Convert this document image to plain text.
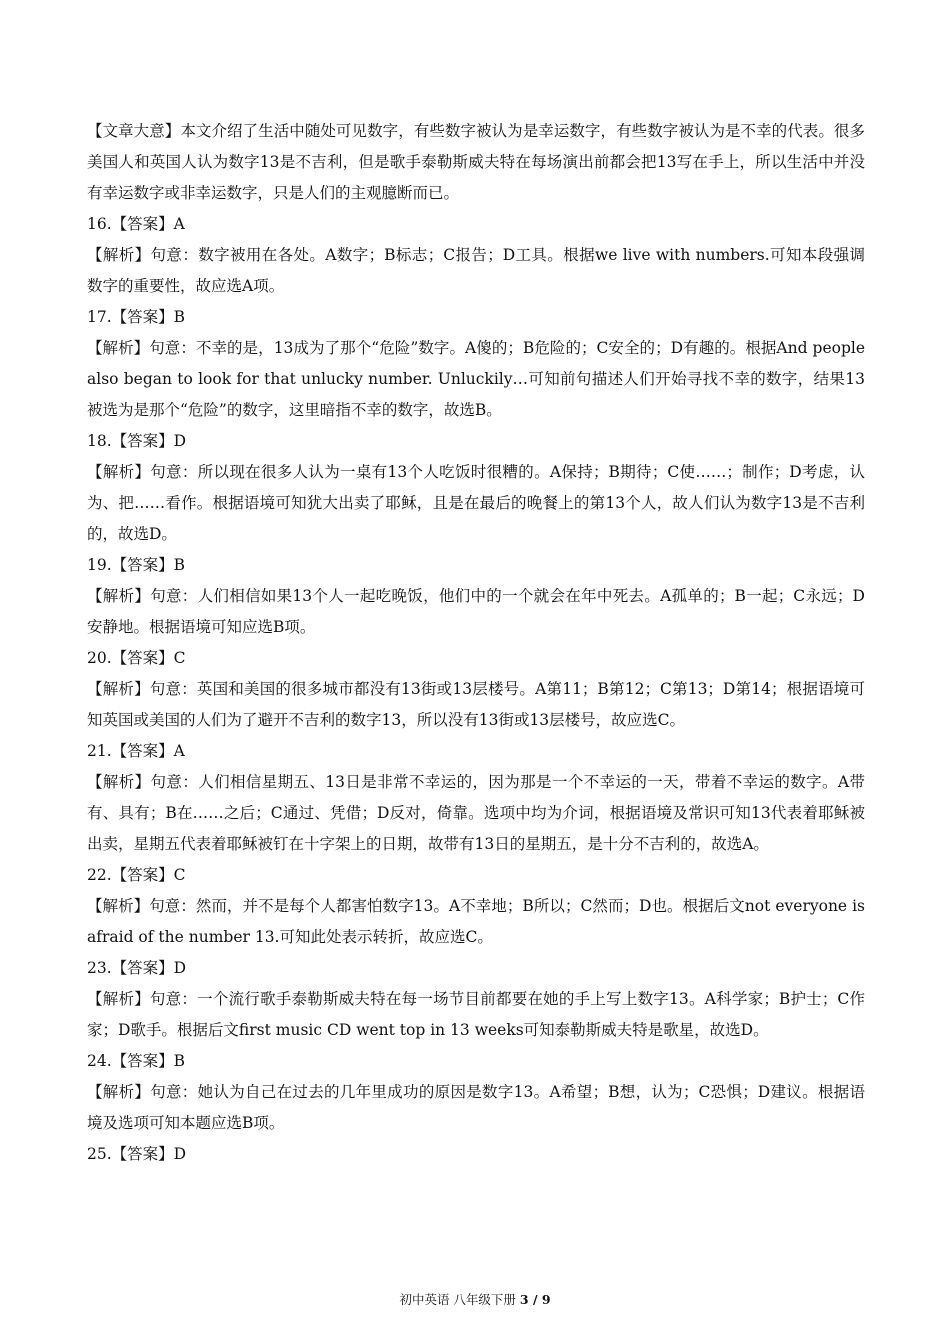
【文章大意】本文介绍了生活中随处可见数字，有些数字被认为是幸运数字，有些数字被认为是不幸的代表。很多美国人和英国人认为数字13是不吉利，但是歌手泰勒斯威夫特在每场演出前都会把13写在手上，所以生活中并没有幸运数字或非幸运数字，只是人们的主观臆断而已。

16.【答案】A

【解析】句意：数字被用在各处。A数字；B标志；C报告；D工具。根据we live with numbers.可知本段强调数字的重要性，故应选A项。

17.【答案】B

【解析】句意：不幸的是，13成为了那个“危险”数字。A傻的；B危险的；C安全的；D有趣的。根据And people also began to look for that unlucky number. Unluckily…可知前句描述人们开始寻找不幸的数字，结果13被选为是那个“危险”的数字，这里暗指不幸的数字，故选B。

18.【答案】D

【解析】句意：所以现在很多人认为一桌有13个人吃饭时很糟的。A保持；B期待；C使……；制作；D考虑，认为、把……看作。根据语境可知犹大出卖了耶稣，且是在最后的晚餐上的第13个人，故人们认为数字13是不吉利的，故选D。

19.【答案】B

【解析】句意：人们相信如果13个人一起吃晚饭，他们中的一个就会在年中死去。A孤单的；B一起；C永远；D安静地。根据语境可知应选B项。

20.【答案】C

【解析】句意：英国和美国的很多城市都没有13街或13层楼号。A第11；B第12；C第13；D第14；根据语境可知英国或美国的人们为了避开不吉利的数字13，所以没有13街或13层楼号，故应选C。

21.【答案】A

【解析】句意：人们相信星期五、13日是非常不幸运的，因为那是一个不幸运的一天，带着不幸运的数字。A带有、具有；B在……之后；C通过、凭借；D反对，倚靠。选项中均为介词，根据语境及常识可知13代表着耶稣被出卖，星期五代表着耶稣被钉在十字架上的日期，故带有13日的星期五，是十分不吉利的，故选A。

22.【答案】C

【解析】句意：然而，并不是每个人都害怕数字13。A不幸地；B所以；C然而；D也。根据后文not everyone is afraid of the number 13.可知此处表示转折，故应选C。

23.【答案】D

【解析】句意：一个流行歌手泰勒斯威夫特在每一场节目前都要在她的手上写上数字13。A科学家；B护士；C作家；D歌手。根据后文first music CD went top in 13 weeks可知泰勒斯威夫特是歌星，故选D。

24.【答案】B

【解析】句意：她认为自己在过去的几年里成功的原因是数字13。A希望；B想，认为；C恐惧；D建议。根据语境及选项可知本题应选B项。

25.【答案】D

初中英语 八年级下册 3 / 9
